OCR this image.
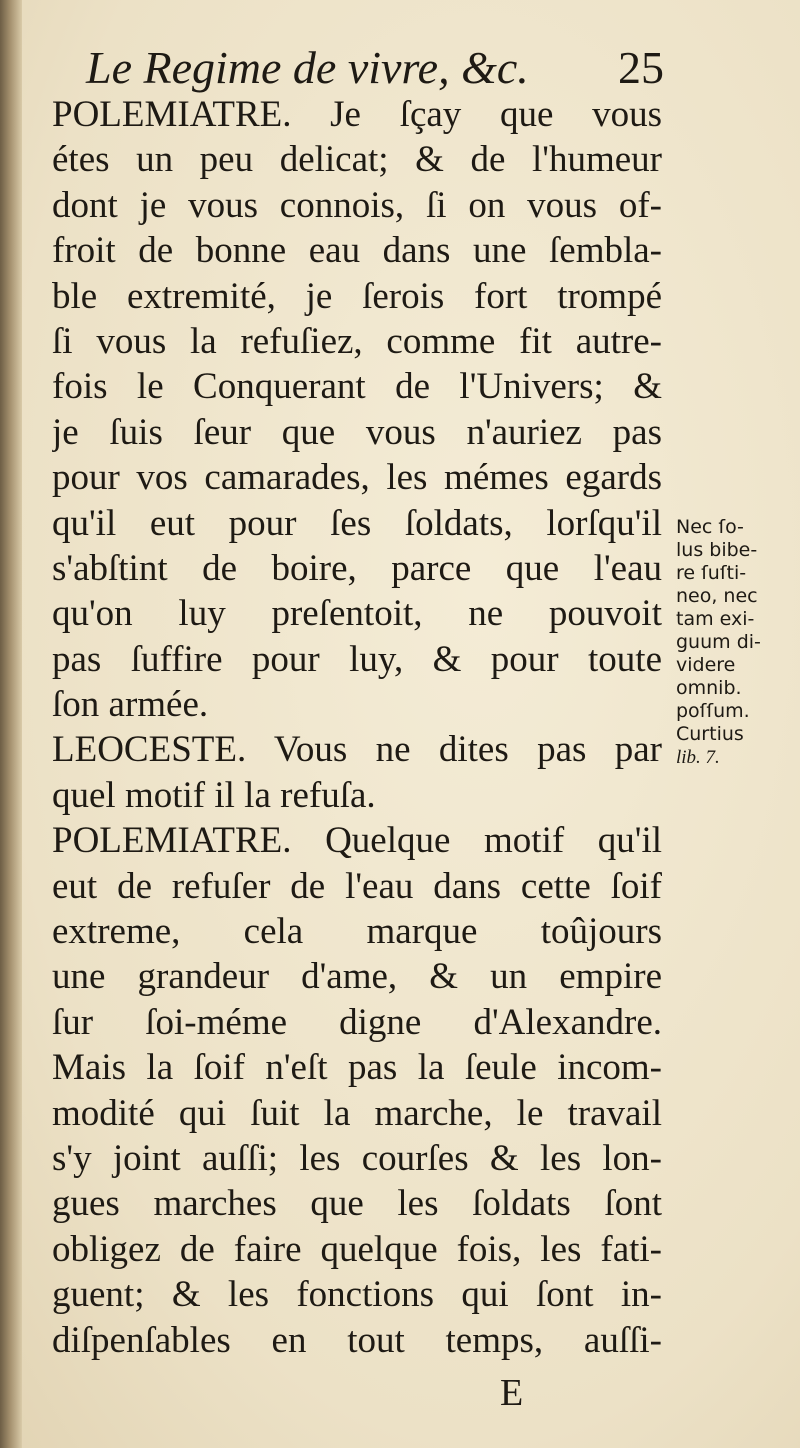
Le Regime de vivre, &c. 25
POLEMIATRE. Je ſçay que vous
étes un peu delicat; & de l'humeur
dont je vous connois, ſi on vous of-
froit de bonne eau dans une ſembla-
ble extremité, je ſerois fort trompé
ſi vous la refuſiez, comme fit autre-
fois le Conquerant de l'Univers; &
je ſuis ſeur que vous n'auriez pas
pour vos camarades, les mémes egards
qu'il eut pour ſes ſoldats, lorſqu'il
s'abſtint de boire, parce que l'eau
qu'on luy preſentoit, ne pouvoit
pas ſuffire pour luy, & pour toute
ſon armée.
LEOCESTE. Vous ne dites pas par
quel motif il la refuſa.
POLEMIATRE. Quelque motif qu'il
eut de refuſer de l'eau dans cette ſoif
extreme, cela marque toûjours
une grandeur d'ame, & un empire
ſur ſoi-méme digne d'Alexandre.
Mais la ſoif n'eſt pas la ſeule incom-
modité qui ſuit la marche, le travail
s'y joint auſſi; les courſes & les lon-
gues marches que les ſoldats ſont
obligez de faire quelque fois, les fati-
guent; & les fonctions qui ſont in-
diſpenſables en tout temps, auſſi-
E
Nec ſo-
lus bibe-
re ſuſti-
neo, nec
tam exi-
guum di-
videre
omnib.
poſſum.
Curtius
lib. 7.
